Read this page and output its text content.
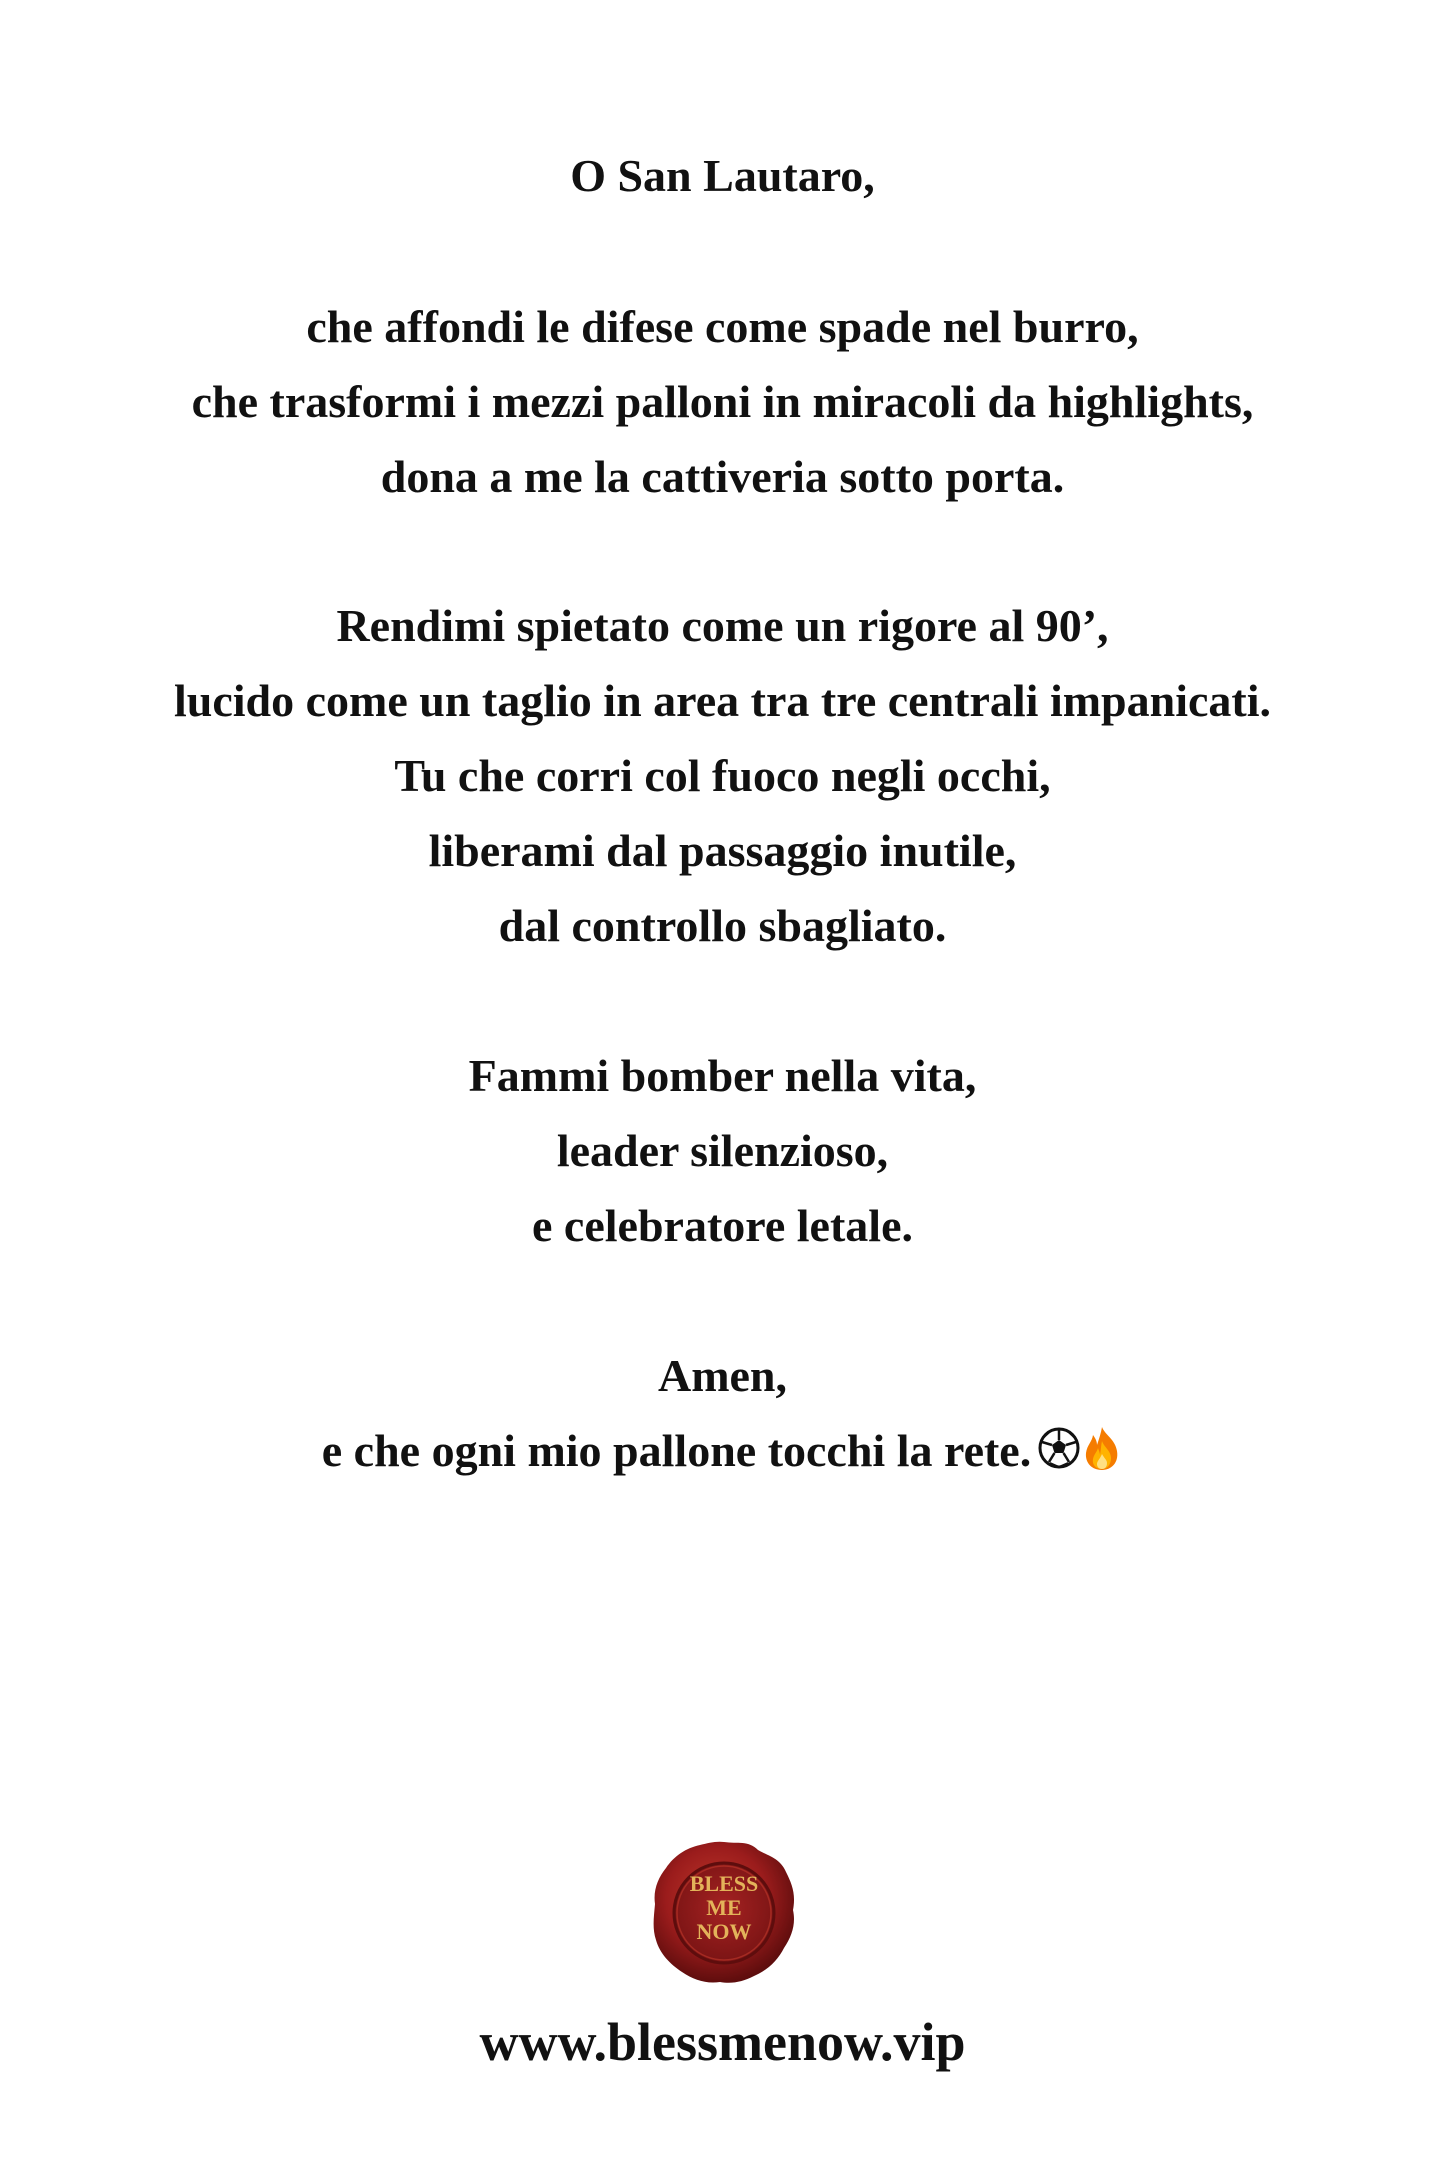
O San Lautaro,
che affondi le difese come spade nel burro,
che trasformi i mezzi palloni in miracoli da highlights,
dona a me la cattiveria sotto porta.
Rendimi spietato come un rigore al 90’,
lucido come un taglio in area tra tre centrali impanicati.
Tu che corri col fuoco negli occhi,
liberami dal passaggio inutile,
dal controllo sbagliato.
Fammi bomber nella vita,
leader silenzioso,
e celebratore letale.
Amen,
e che ogni mio pallone tocchi la rete.
BLESS
ME
NOW
www.blessmenow.vip
